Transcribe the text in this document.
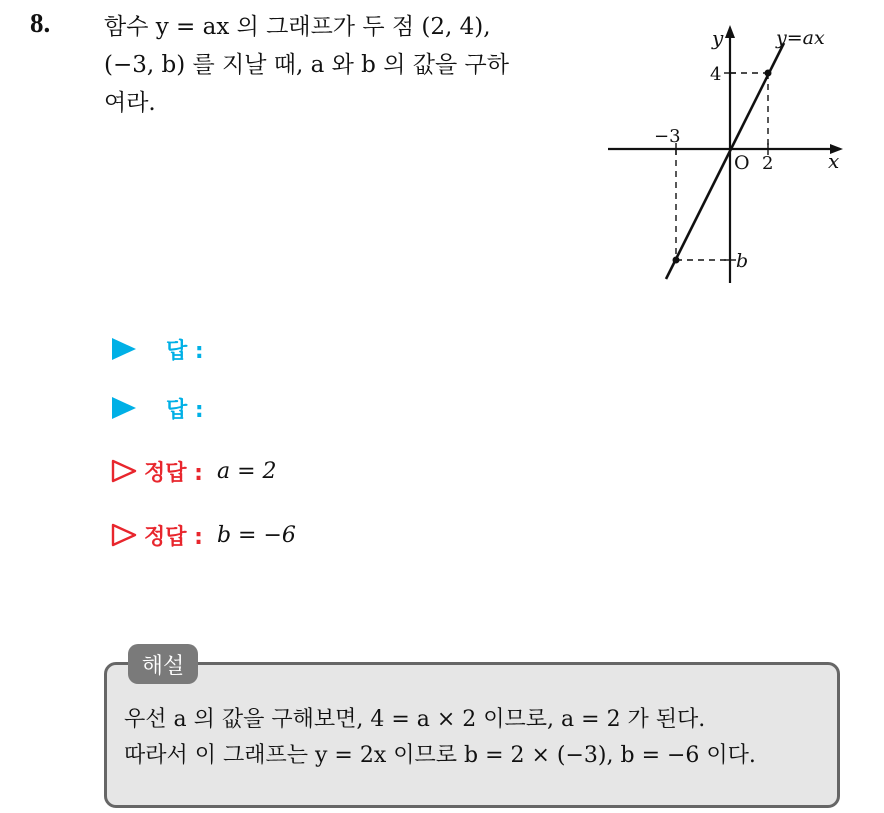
8. 함수 y = ax 의 그래프가 두 점 (2, 4),
(−3, b) 를 지날 때, a 와 b 의 값을 구하
여라.
y	y=ax
x
O 2
−3
4
b
답 :
답 :
정답 : a = 2
정답 : b = −6
해설
우선 a 의 값을 구해보면, 4 = a × 2 이므로, a = 2 가 된다.
따라서 이 그래프는 y = 2x 이므로 b = 2 × (−3), b = −6 이다.
